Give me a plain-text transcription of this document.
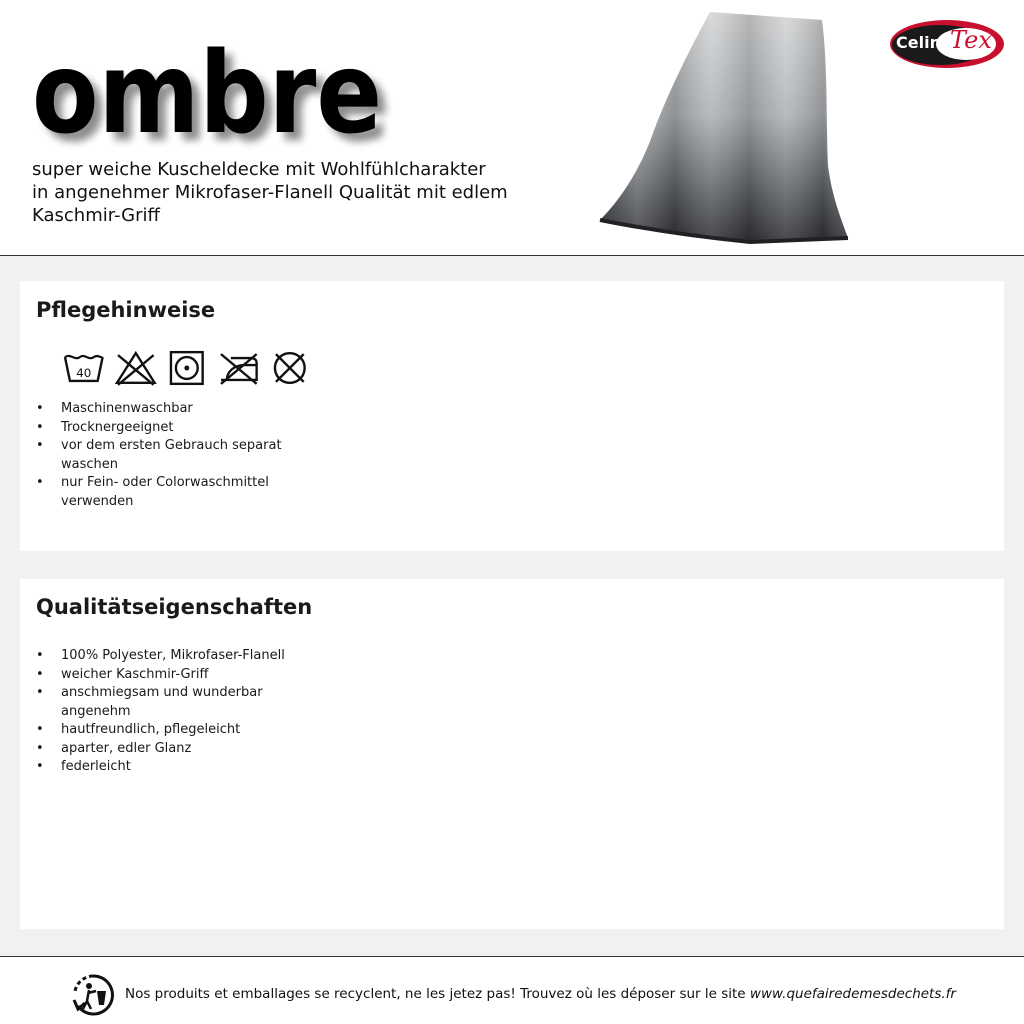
ombre
super weiche Kuscheldecke mit Wohlfühlcharakter
in angenehmer Mikrofaser-Flanell Qualität mit edlem
Kaschmir-Griff
Celina
Tex
Pflegehinweise
40
• Maschinenwaschbar
• Trocknergeeignet
• vor dem ersten Gebrauch separat waschen
• nur Fein- oder Colorwaschmittel verwenden
Qualitätseigenschaften
• 100% Polyester, Mikrofaser-Flanell
• weicher Kaschmir-Griff
• anschmiegsam und wunderbar angenehm
• hautfreundlich, pflegeleicht
• aparter, edler Glanz
• federleicht

Nos produits et emballages se recyclent, ne les jetez pas! Trouvez où les déposer sur le site www.quefairedemesdechets.fr
